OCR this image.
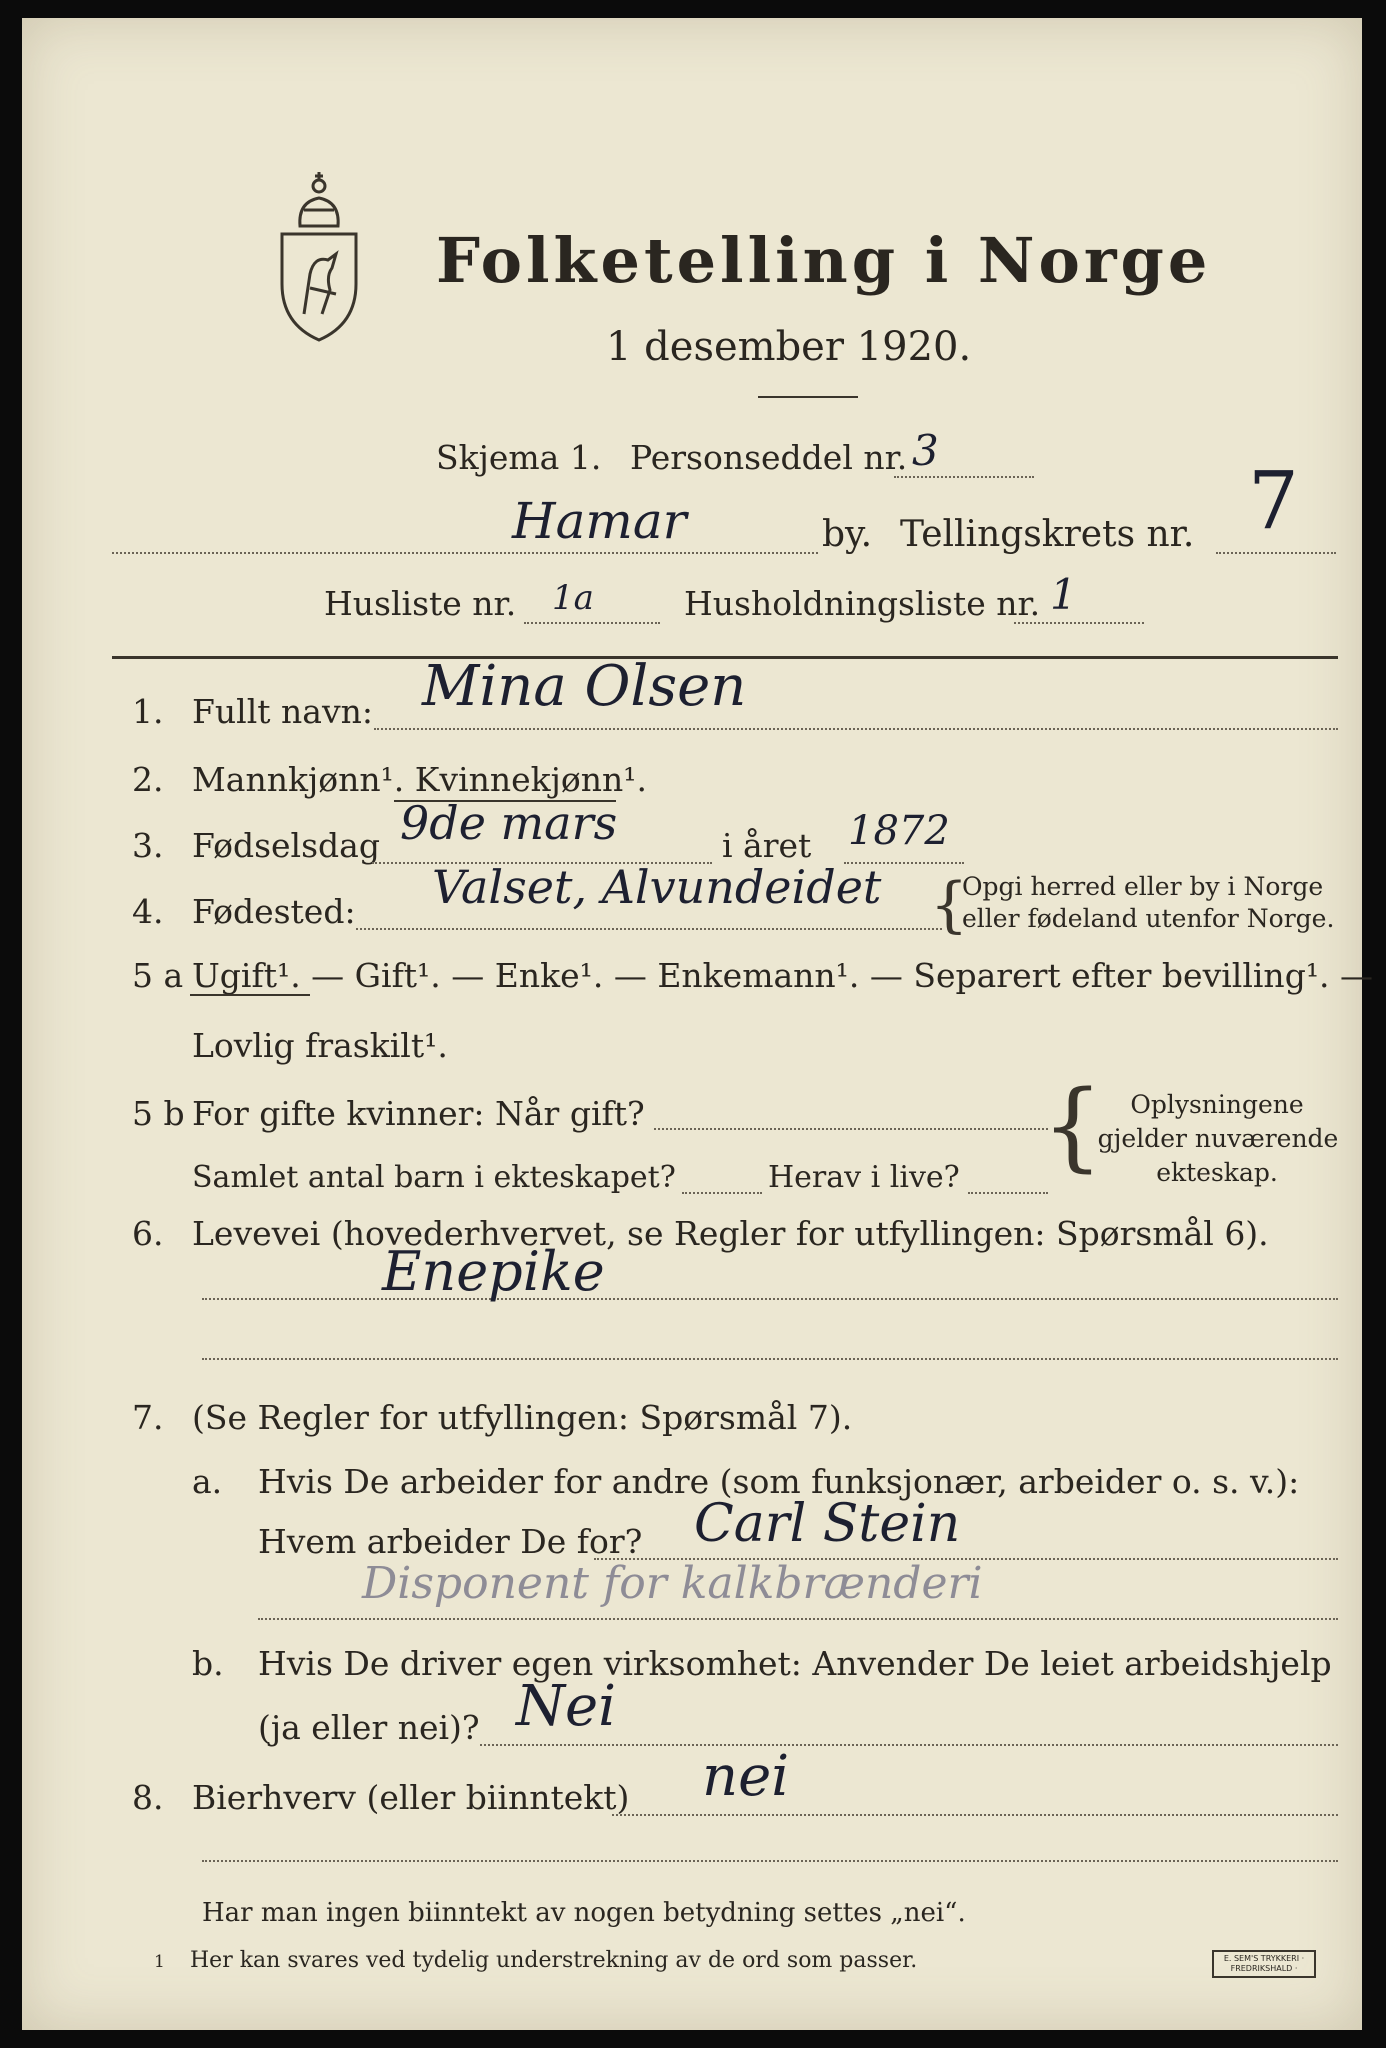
Folketelling i Norge
1 desember 1920.
Skjema 1. Personseddel nr. 3
Hamar	by. Tellingskrets nr. 7
Husliste nr. 1a	Husholdningsliste nr. 1
1. Fullt navn: Mina Olsen
2. Mannkjønn¹. Kvinnekjønn¹.
3. Fødselsdag 9de mars	i året 1872
4. Fødested: Valset, Alvundeidet {
Opgi herred eller by i Norge
eller fødeland utenfor Norge.
5 a Ugift¹. — Gift¹. — Enke¹. — Enkemann¹. — Separert efter bevilling¹. —
Lovlig fraskilt¹.
5 b For gifte kvinner: Når gift?
Samlet antal barn i ekteskapet?	Herav i live? {	Oplysningene
gjelder nuværende
ekteskap.
6. Levevei (hovederhvervet, se Regler for utfyllingen: Spørsmål 6).
Enepike
7. (Se Regler for utfyllingen: Spørsmål 7).
a. Hvis De arbeider for andre (som funksjonær, arbeider o. s. v.):
Hvem arbeider De for? Carl Stein
Disponent for kalkbrænderi
b. Hvis De driver egen virksomhet: Anvender De leiet arbeidshjelp
(ja eller nei)? Nei
8. Bierhverv (eller biinntekt) nei
Har man ingen biinntekt av nogen betydning settes „nei“.
1 Her kan svares ved tydelig understrekning av de ord som passer.	E. SEM'S TRYKKERI · FREDRIKSHALD ·
